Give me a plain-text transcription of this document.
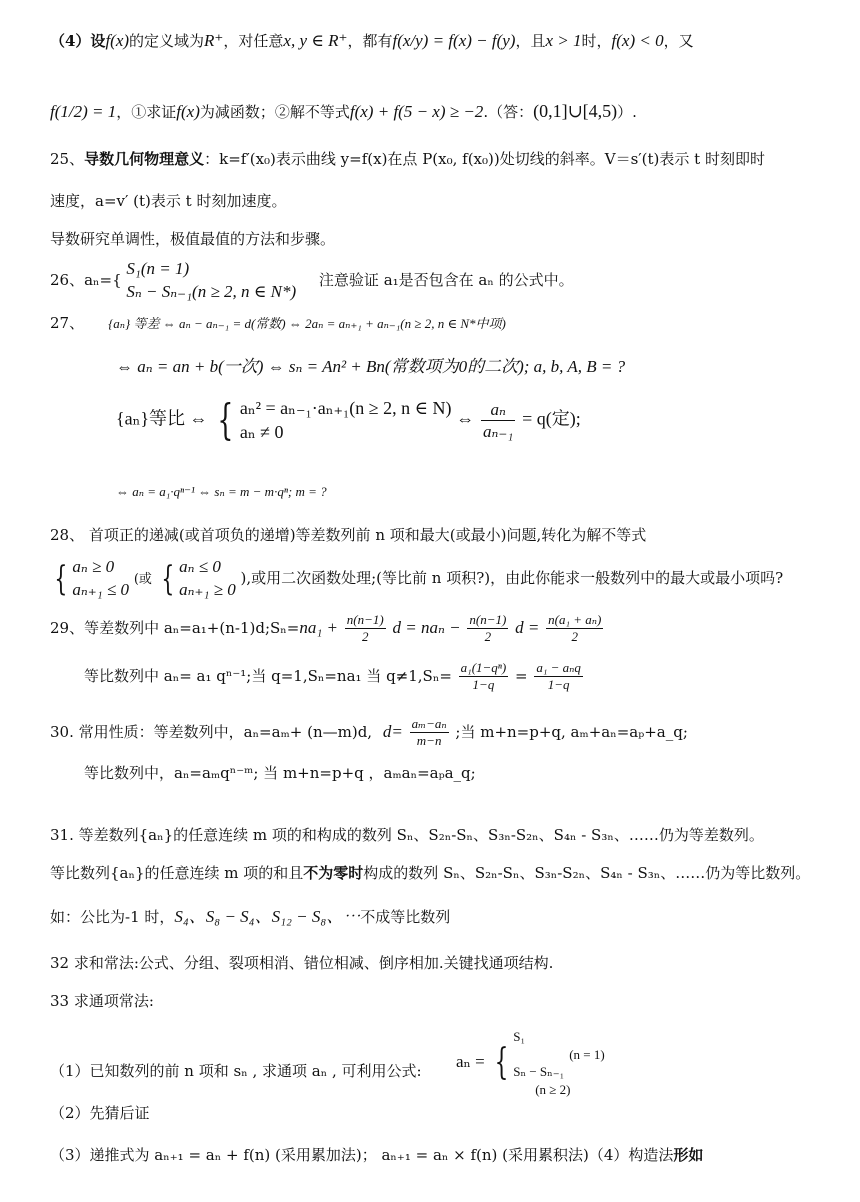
（4）设f(x)的定义域为R⁺，对任意x, y ∈ R⁺，都有f(x/y) = f(x) − f(y)，且x > 1时，f(x) < 0，又
f(1/2) = 1，①求证f(x)为减函数；②解不等式f(x) + f(5 − x) ≥ −2.（答：(0,1]∪[4,5)）.
25、导数几何物理意义：k=f′(x₀)表示曲线 y=f(x)在点 P(x₀, f(x₀))处切线的斜率。V＝s′(t)表示 t 时刻即时
速度，a=v′ (t)表示 t 时刻加速度。
导数研究单调性，极值最值的方法和步骤。
26、aₙ={
S₁(n = 1)
Sₙ − Sₙ₋₁(n ≥ 2, n ∈ N*)
注意验证 a₁是否包含在 aₙ 的公式中。
27、 {aₙ} 等差 ⇔ aₙ − aₙ₋₁ = d(常数) ⇔ 2aₙ = aₙ₊₁ + aₙ₋₁(n ≥ 2, n ∈ N*中项)
⇔ aₙ = an + b(一次) ⇔ sₙ = An² + Bn(常数项为0的二次); a, b, A, B = ?
{aₙ}等比 ⇔ { aₙ² = aₙ₋₁·aₙ₊₁(n ≥ 2, n ∈ N)
aₙ ≠ 0
⇔ $\frac{\text{aₙ}}{\text{aₙ₋₁}} = q$(定);
⇔ aₙ = a₁·qⁿ⁻¹ ⇔ sₙ = m − m·qⁿ; m = ?
28、 首项正的递减(或首项负的递增)等差数列前 n 项和最大(或最小)问题,转化为解不等式
{ aₙ ≥ 0
aₙ₊₁ ≤ 0
(或 { aₙ ≤ 0
aₙ₊₁ ≥ 0
),或用二次函数处理;(等比前 n 项积?)，由此你能求一般数列中的最大或最小项吗?
29、等差数列中 aₙ=a₁+(n-1)d;Sₙ=na₁ + $\frac{n(n-1)}{2}$ $d = na_n - \frac{n(n-1)}{2}$ $d = \frac{\text{n(a₁ + aₙ)}}{2}$
等比数列中 aₙ= a₁ qⁿ⁻¹;当 q=1,Sₙ=na₁ 当 $q\ne 1,S_n= \frac{\text{a₁(1−qⁿ)}}{1-q} = \frac{\text{a₁ − aₙq}}{1-q}$
30. 常用性质：等差数列中，aₙ=aₘ+ (n—m)d, $d= \frac{\text{aₘ−aₙ}}{m-n}$ ;当 m+n=p+q, aₘ+aₙ=aₚ+a_q;
等比数列中，aₙ=aₘqⁿ⁻ᵐ; 当 m+n=p+q ，aₘaₙ=aₚa_q;
31. 等差数列{aₙ}的任意连续 m 项的和构成的数列 Sₙ、S₂ₙ-Sₙ、S₃ₙ-S₂ₙ、S₄ₙ - S₃ₙ、……仍为等差数列。
等比数列{aₙ}的任意连续 m 项的和且不为零时构成的数列 Sₙ、S₂ₙ-Sₙ、S₃ₙ-S₂ₙ、S₄ₙ - S₃ₙ、……仍为等比数列。
如：公比为-1 时，S₄、S₈ − S₄、S₁₂ − S₈、⋯不成等比数列
32 求和常法:公式、分组、裂项相消、错位相减、倒序相加.关键找通项结构.
33 求通项常法:
aₙ = {
S₁
(n = 1)
Sₙ − Sₙ₋₁
(n ≥ 2)
（1）已知数列的前 n 项和 sₙ , 求通项 aₙ , 可利用公式:
（2）先猜后证
（3）递推式为 aₙ₊₁ = aₙ + f(n) (采用累加法)； aₙ₊₁ = aₙ × f(n) (采用累积法)（4）构造法形如
